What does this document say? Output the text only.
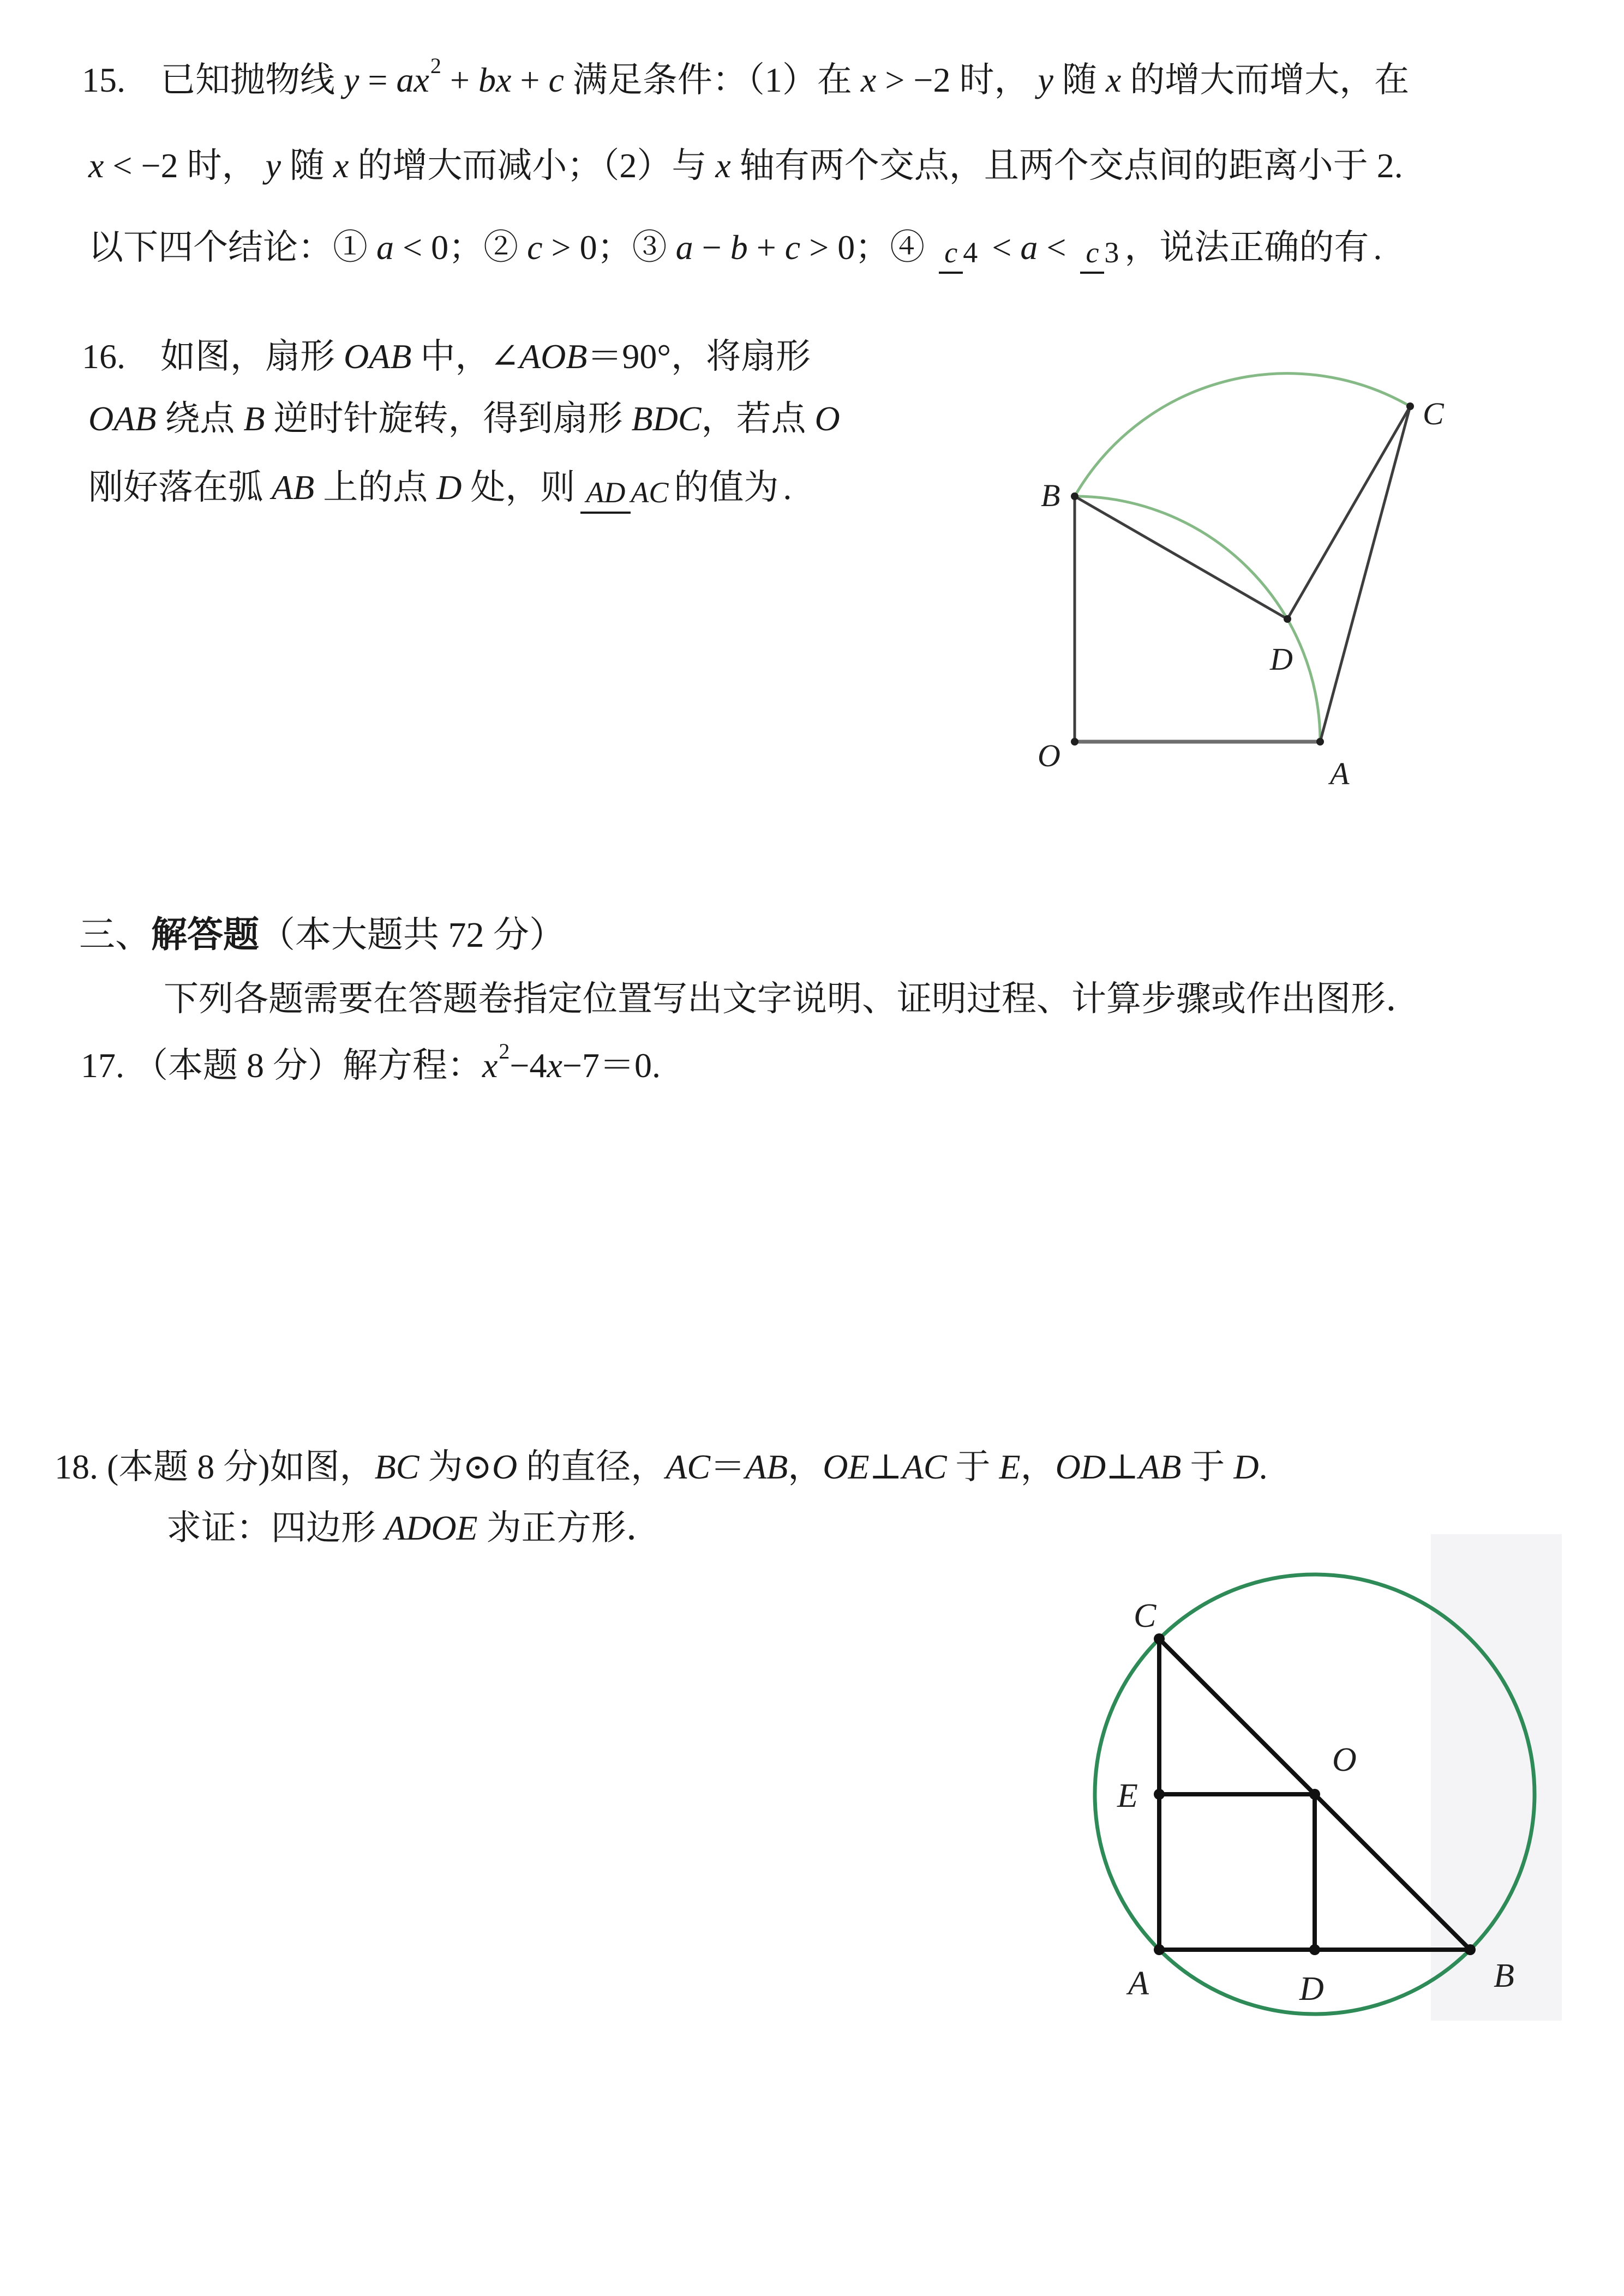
15.　已知抛物线 $y = ax^2$ + bx + c 满足条件：（1）在 x > −2 时， y 随 x 的增大而增大，在
x < −2 时， y 随 x 的增大而减小；（2）与 x 轴有两个交点，且两个交点间的距离小于 2.
以下四个结论：① a < 0；② c > 0；③ a − b + c > 0；④ c 4 < a < c 3 ，说法正确的有 .
16.　如图，扇形 OAB 中，∠AOB＝90°，将扇形
OAB 绕点 B 逆时针旋转，得到扇形 BDC，若点 O
刚好落在弧 AB 上的点 D 处，则 AD AC 的值为 .
O
A
B
C
D
三、解答题（本大题共 72 分）
下列各题需要在答题卷指定位置写出文字说明、证明过程、计算步骤或作出图形．
17. （本题 8 分）解方程：$x^2-4x-7=0$.
18. (本题 8 分)如图，BC 为⊙O 的直径，AC＝AB，OE⊥AC 于 E，OD⊥AB 于 D.
求证：四边形 ADOE 为正方形．
C
E
O
A	D	B
